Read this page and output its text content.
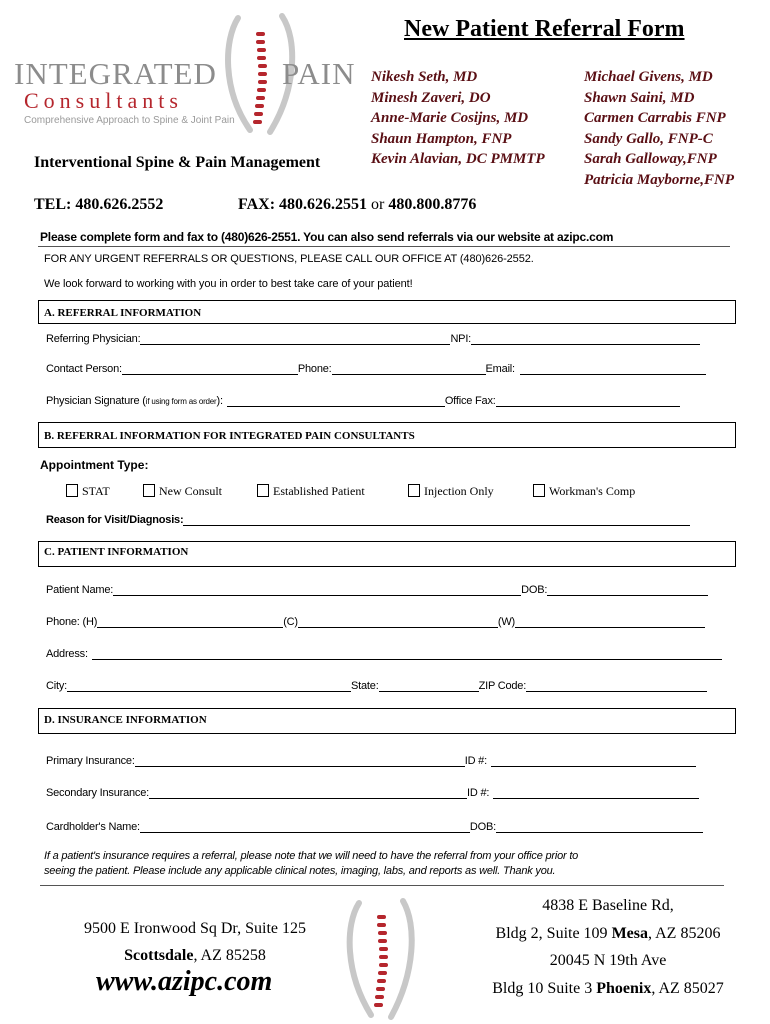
INTEGRATED PAIN
Consultants
Comprehensive Approach to Spine & Joint Pain
Interventional Spine & Pain Management
New Patient Referral Form
Nikesh Seth, MD
Minesh Zaveri, DO
Anne-Marie Cosijns, MD
Shaun Hampton, FNP
Kevin Alavian, DC PMMTP
Michael Givens, MD
Shawn Saini, MD
Carmen Carrabis FNP
Sandy Gallo, FNP-C
Sarah Galloway,FNP
Patricia Mayborne,FNP
TEL: 480.626.2552	FAX: 480.626.2551 or 480.800.8776
Please complete form and fax to (480)626-2551. You can also send referrals via our website at azipc.com
FOR ANY URGENT REFERRALS OR QUESTIONS, PLEASE CALL OUR OFFICE AT (480)626-2552.
We look forward to working with you in order to best take care of your patient!
A. REFERRAL INFORMATION
Referring Physician:	NPI:
Contact Person:	Phone:	Email:
Physician Signature ( if using form as order ):	Office Fax:
B. REFERRAL INFORMATION FOR INTEGRATED PAIN CONSULTANTS
Appointment Type:
STAT	New Consult	Established Patient	Injection Only	Workman's Comp
Reason for Visit/Diagnosis:
C. PATIENT INFORMATION
Patient Name:	DOB:
Phone: (H)	(C)	(W)
Address:
City:	State:	ZIP Code:
D. INSURANCE INFORMATION
Primary Insurance:	ID #:
Secondary Insurance:	ID #:
Cardholder's Name:	DOB:
If a patient's insurance requires a referral, please note that we will need to have the referral from your office prior to
seeing the patient. Please include any applicable clinical notes, imaging, labs, and reports as well. Thank you.
9500 E Ironwood Sq Dr, Suite 125
Scottsdale, AZ 85258
www.azipc.com
4838 E Baseline Rd,
Bldg 2, Suite 109 Mesa, AZ 85206
20045 N 19th Ave
Bldg 10 Suite 3 Phoenix, AZ 85027
